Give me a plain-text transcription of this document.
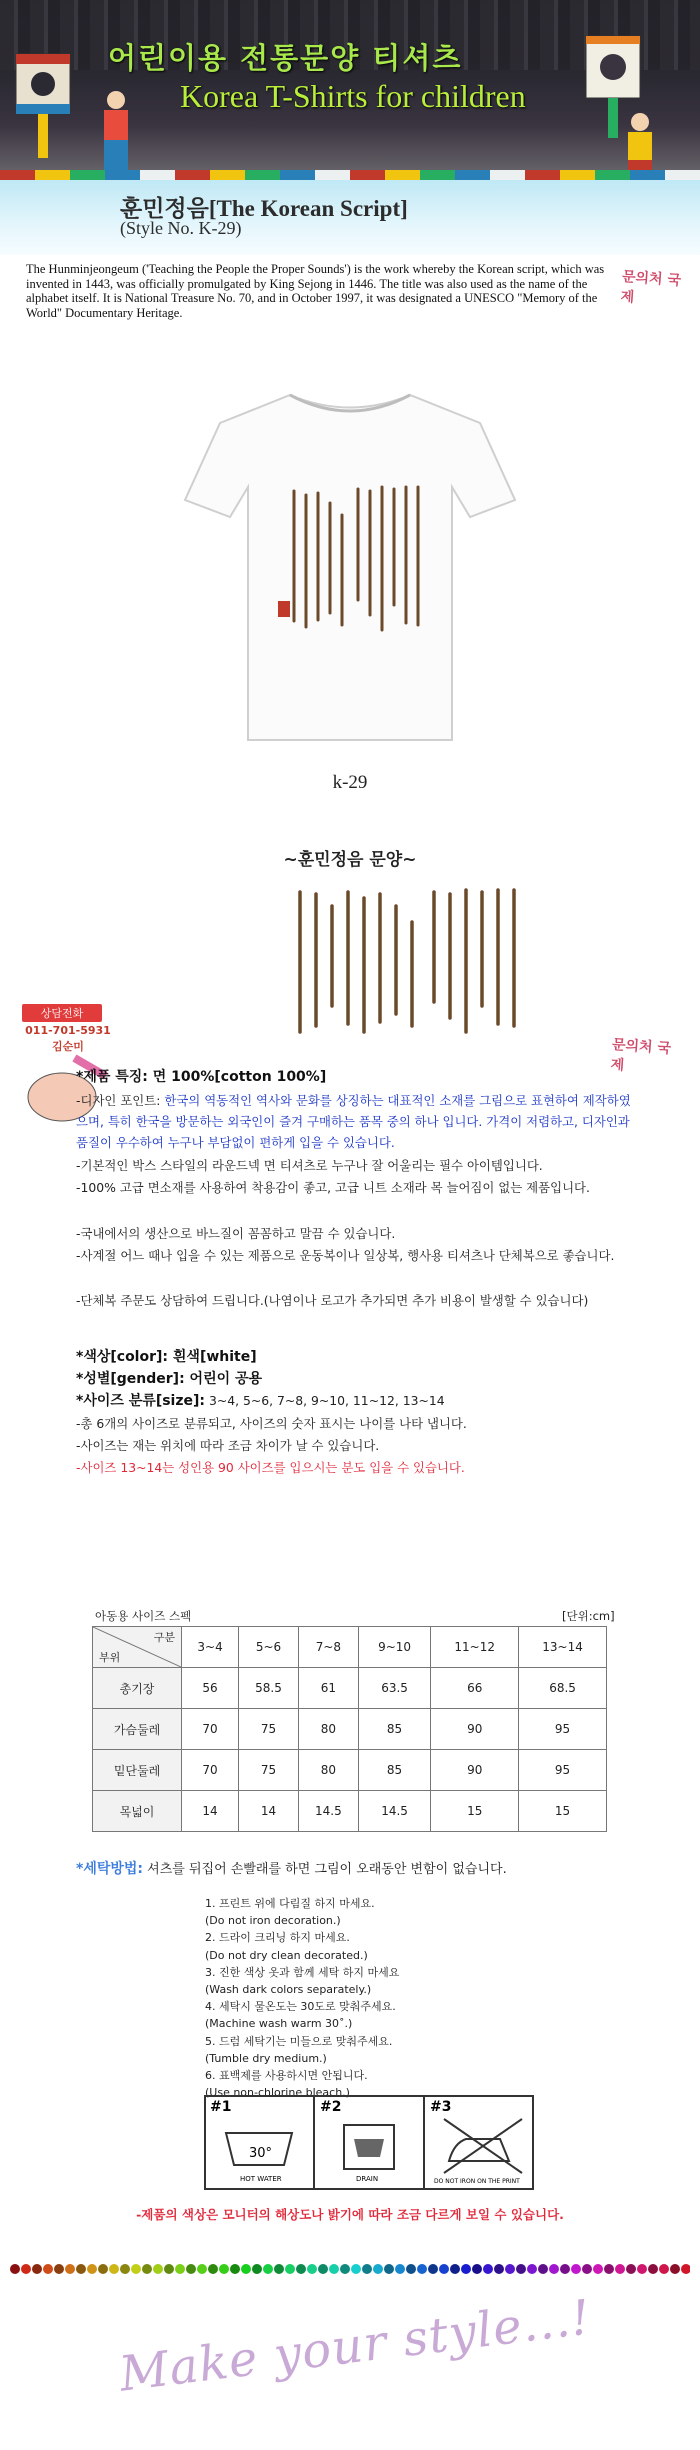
어린이용 전통문양 티셔츠
Korea T-Shirts for children
훈민정음[The Korean Script]
(Style No. K-29)
The Hunminjeongeum ('Teaching the People the Proper Sounds') is the work whereby the Korean script, which was invented in 1443, was officially promulgated by King Sejong in 1446. The title was also used as the name of the alphabet itself. It is National Treasure No. 70, and in October 1997, it was designated a UNESCO "Memory of the World" Documentary Heritage.
문의처 국제
k-29
~훈민정음 문양~
상담전화
011-701-5931
김순미	문의처 국제
*제품 특징: 면 100%[cotton 100%]
-디자인 포인트: 한국의 역동적인 역사와 문화를 상징하는 대표적인 소재를 그림으로 표현하여 제작하였으며, 특히 한국을 방문하는 외국인이 즐겨 구매하는 품목 중의 하나 입니다. 가격이 저렴하고, 디자인과 품질이 우수하여 누구나 부담없이 편하게 입을 수 있습니다.
-기본적인 박스 스타일의 라운드넥 면 티셔츠로 누구나 잘 어울리는 필수 아이템입니다.
-100% 고급 면소재를 사용하여 착용감이 좋고, 고급 니트 소재라 목 늘어짐이 없는 제품입니다.
-국내에서의 생산으로 바느질이 꼼꼼하고 말끔 수 있습니다.
-사계절 어느 때나 입을 수 있는 제품으로 운동복이나 일상복, 행사용 티셔츠나 단체복으로 좋습니다.
-단체복 주문도 상담하여 드립니다.(나염이나 로고가 추가되면 추가 비용이 발생할 수 있습니다)
*색상[color]: 흰색[white]
*성별[gender]: 어린이 공용
*사이즈 분류[size]: 3~4, 5~6, 7~8, 9~10, 11~12, 13~14
-총 6개의 사이즈로 분류되고, 사이즈의 숫자 표시는 나이를 나타 냅니다.
-사이즈는 재는 위치에 따라 조금 차이가 날 수 있습니다.
-사이즈 13~14는 성인용 90 사이즈를 입으시는 분도 입을 수 있습니다.
아동용 사이즈 스펙	[단위:cm]
구분
부위	3~4	5~6	7~8	9~10	11~12	13~14
총기장	56	58.5	61	63.5	66	68.5
가슴둘레	70	75	80	85	90	95
밑단둘레	70	75	80	85	90	95
목넓이	14	14	14.5	14.5	15	15
*세탁방법: 셔츠를 뒤집어 손빨래를 하면 그림이 오래동안 변함이 없습니다.
1. 프린트 위에 다림질 하지 마세요.
(Do not iron decoration.)
2. 드라이 크리닝 하지 마세요.
(Do not dry clean decorated.)
3. 진한 색상 옷과 함께 세탁 하지 마세요
(Wash dark colors separately.)
4. 세탁시 물온도는 30도로 맞춰주세요.
(Machine wash warm 30˚.)
5. 드럼 세탁기는 미들으로 맞춰주세요.
(Tumble dry medium.)
6. 표백제를 사용하시면 안됩니다.
(Use non-chlorine bleach.)
#1
30°
HOT WATER
#2
DRAIN
#3
DO NOT IRON ON THE PRINT
-제품의 색상은 모니터의 해상도나 밝기에 따라 조금 다르게 보일 수 있습니다.
Make your style...!
